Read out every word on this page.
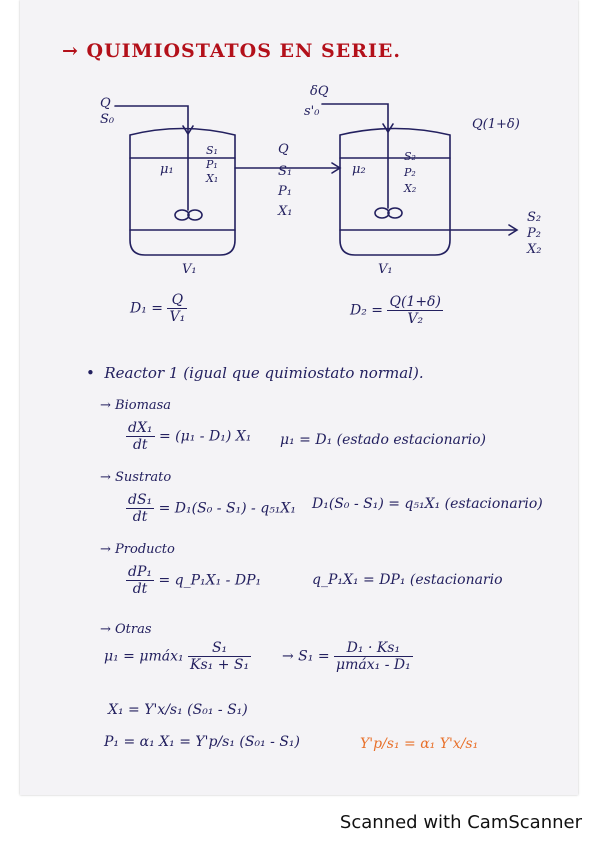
→ QUIMIOSTATOS EN SERIE.
Q
S₀
μ₁
S₁
P₁
X₁
Q
S₁
P₁
X₁
δQ
s'₀
Q(1+δ)
μ₂
S₂
P₂
X₂
S₂
P₂
X₂
V₁	V₁
$D_1 = \frac{Q}{\text{V₁}}$	$D_2 = \frac{Q(1+\delta)}{\text{V₂}}$
•  Reactor 1 (igual que quimiostato normal).
→ Biomasa
$\frac{\text{dX₁}}{dt} = (\mu_1 - D_1)$ X₁ μ₁ = D₁ (estado estacionario)
→ Sustrato
$\frac{\text{dS₁}}{dt} = D_1(S_0 - S_1) - q_{51}X_1$ D₁(S₀ - S₁) = q₅₁X₁ (estacionario)
→ Producto
$\frac{\text{dP₁}}{dt}$ = q_P₁X₁ - DP₁	q_P₁X₁ = DP₁ (estacionario
→ Otras
μ₁ = μmáx₁ $\frac{\text{S₁}}{\text{Ks₁ + S₁}} \to S_1 = \frac{\text{D₁ · Ks₁}}{\text{μmáx₁ - D₁}}$
X₁ = Y'x/s₁ (S₀₁ - S₁)
P₁ = α₁ X₁ = Y'p/s₁ (S₀₁ - S₁)	Y'p/s₁ = α₁ Y'x/s₁
Scanned with CamScanner
